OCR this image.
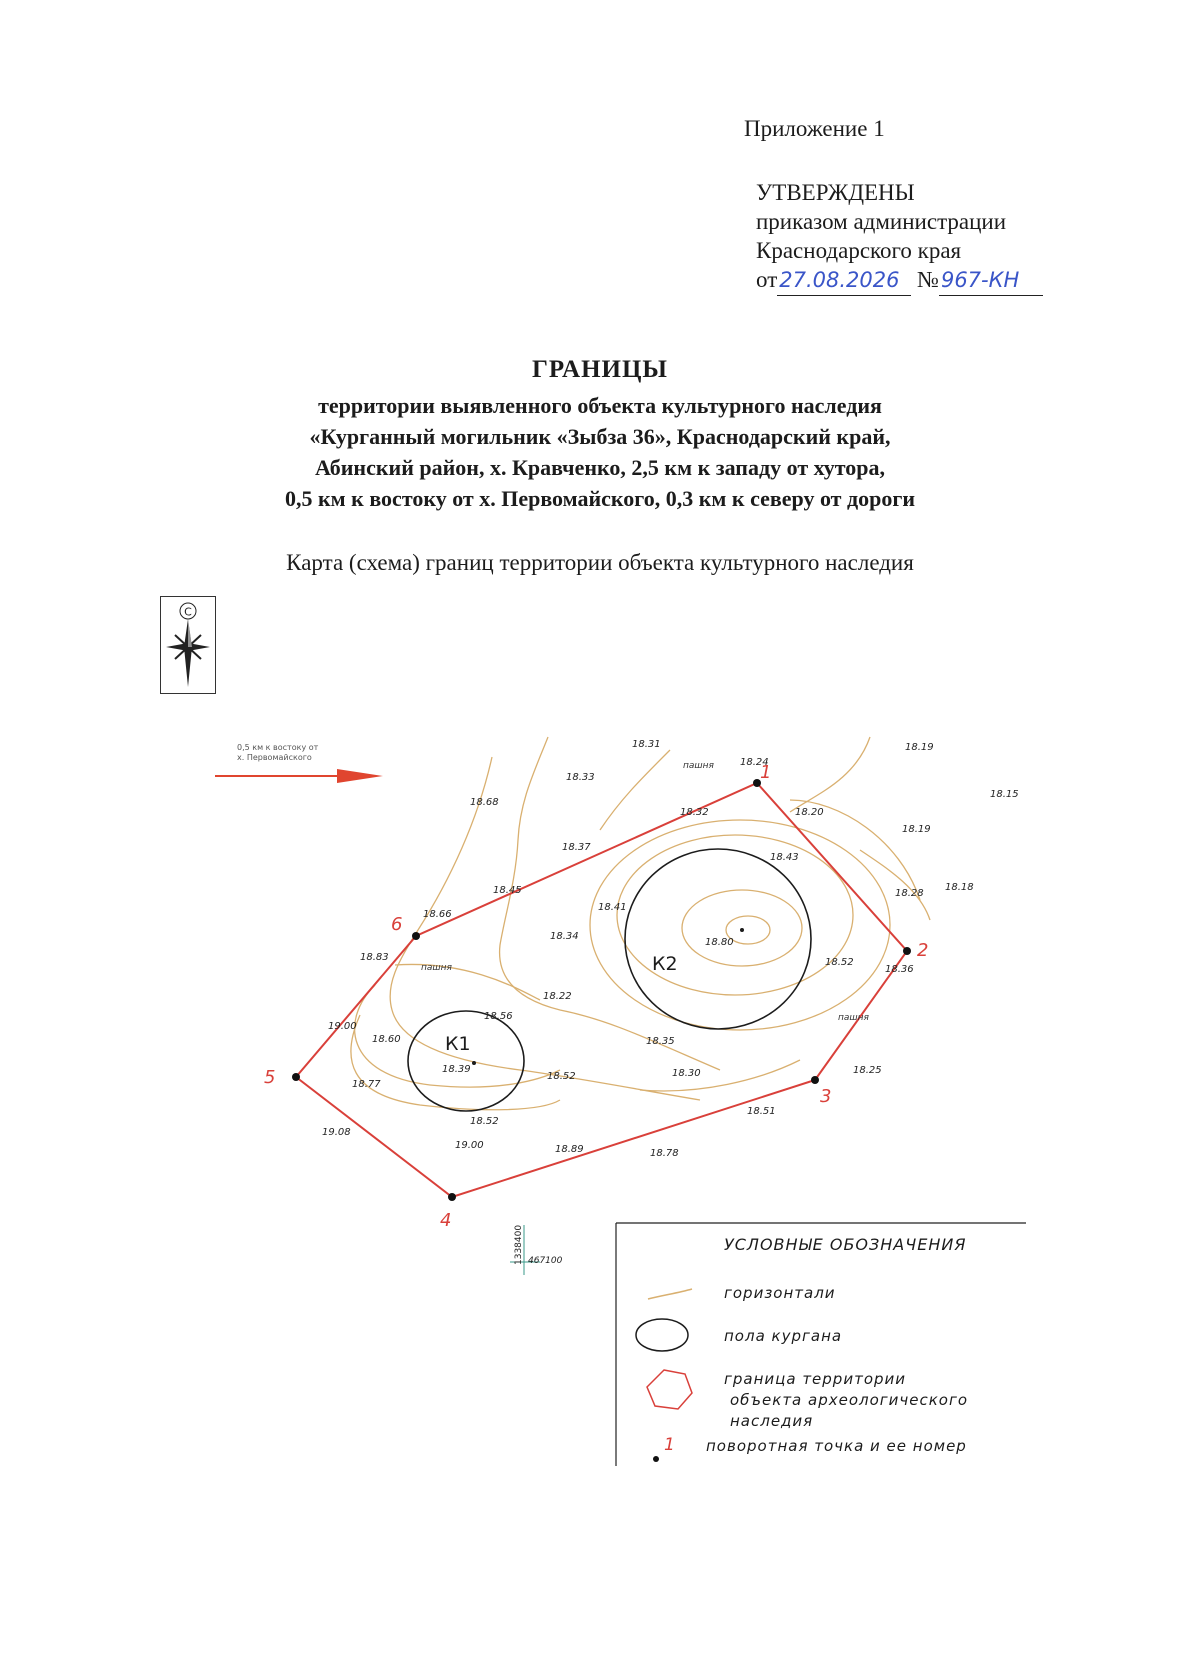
Приложение 1
УТВЕРЖДЕНЫ
приказом администрации
Краснодарского края
от27.08.2026 №967-КН
ГРАНИЦЫ
территории выявленного объекта культурного наследия
«Курганный могильник «Зыбза 36», Краснодарский край,
Абинский район, х. Кравченко, 2,5 км к западу от хутора,
0,5 км к востоку от х. Первомайского, 0,3 км к северу от дороги
Карта (схема) границ территории объекта культурного наследия
С
0,5 км к востоку от
х. Первомайского
К1
К2
1
2
3
4
5
6
пашня
пашня
пашня
18.31
18.24
18.19
18.33
18.15
18.68
18.32	18.20
18.19
18.37
18.43
18.45
18.41
18.28
18.18
18.66
18.34
18.80
18.52
18.83
18.36
18.22
18.56
18.60
18.39
18.35
18.25
18.52	18.30
18.77
18.52
18.51
19.08
19.00	18.89	18.78
19.00
1338400 467100
УСЛОВНЫЕ ОБОЗНАЧЕНИЯ
горизонтали
пола кургана
граница территории
объекта археологического
наследия
1 поворотная точка и ее номер
